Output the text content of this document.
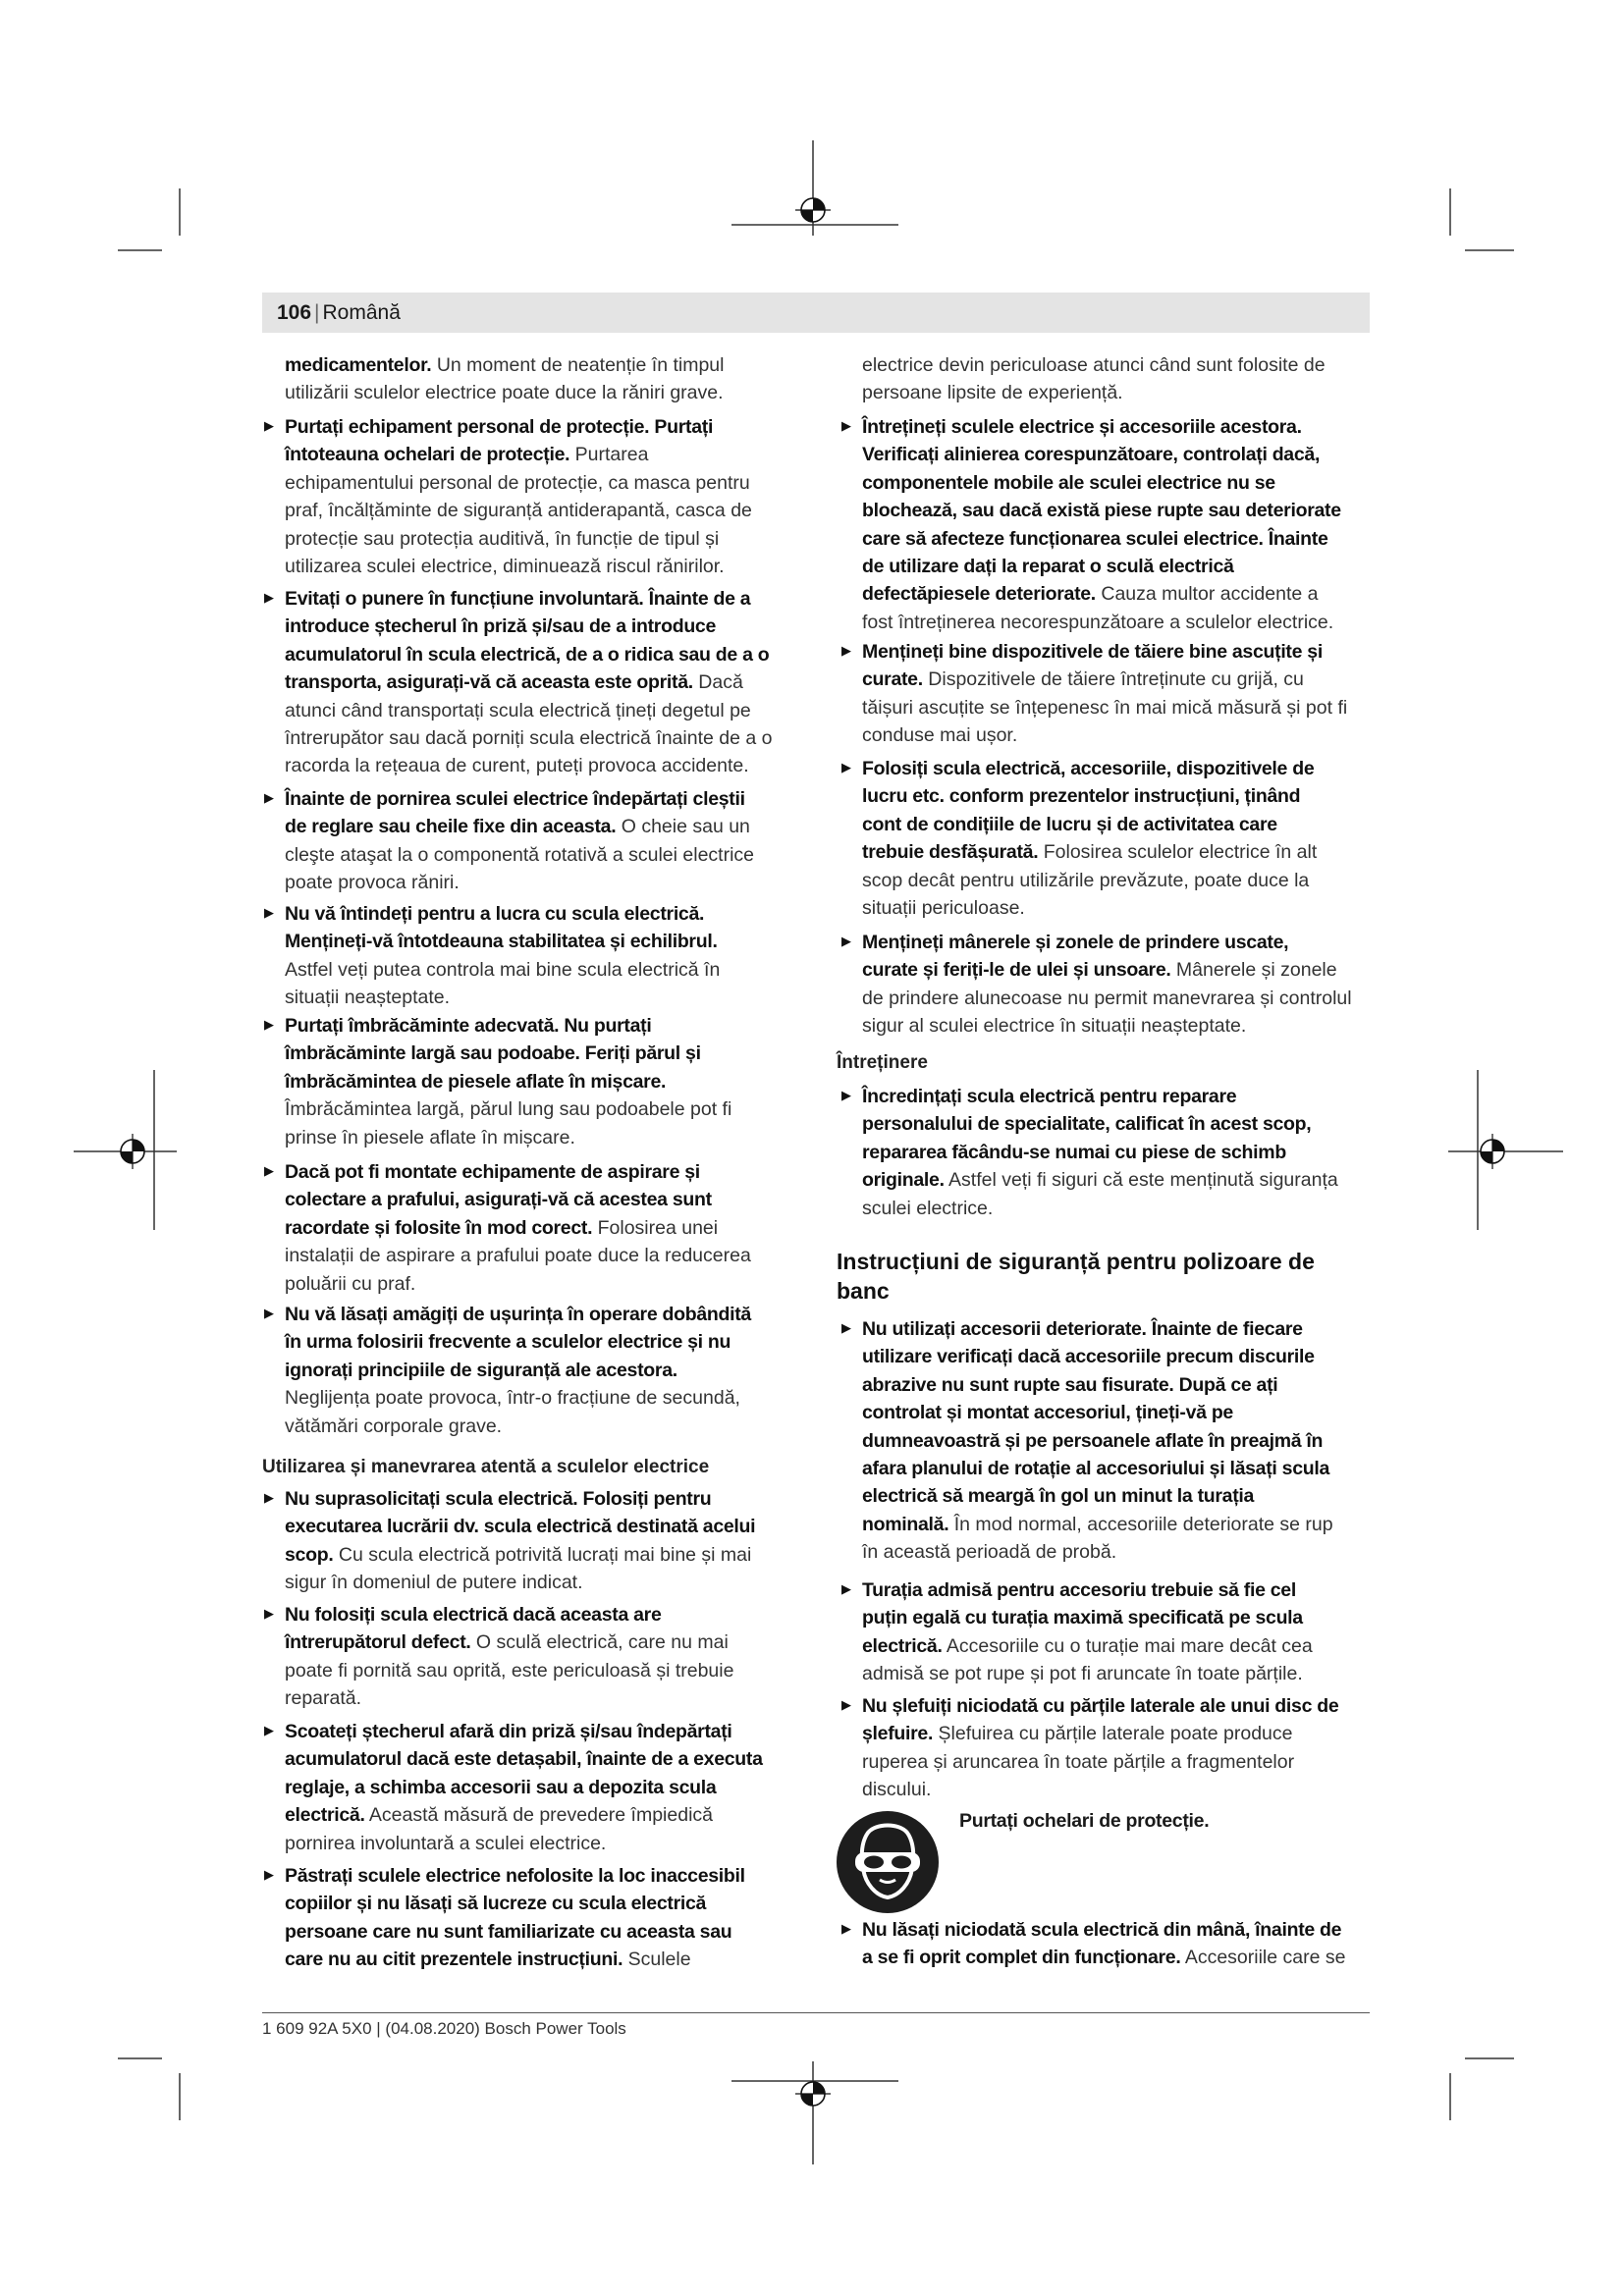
106 | Română
medicamentelor. Un moment de neatenție în timpul
utilizării sculelor electrice poate duce la răniri grave.
▶ Purtați echipament personal de protecție. Purtați
întoteauna ochelari de protecție. Purtarea
echipamentului personal de protecție, ca masca pentru
praf, încălțăminte de siguranță antiderapantă, casca de
protecție sau protecția auditivă, în funcție de tipul și
utilizarea sculei electrice, diminuează riscul rănirilor.
▶ Evitați o punere în funcțiune involuntară. Înainte de a
introduce ștecherul în priză și/sau de a introduce
acumulatorul în scula electrică, de a o ridica sau de a o
transporta, asigurați-vă că aceasta este oprită. Dacă
atunci când transportați scula electrică țineți degetul pe
întrerupător sau dacă porniți scula electrică înainte de a o
racorda la rețeaua de curent, puteți provoca accidente.
▶ Înainte de pornirea sculei electrice îndepărtați cleștii
de reglare sau cheile fixe din aceasta. O cheie sau un
cleşte ataşat la o componentă rotativă a sculei electrice
poate provoca răniri.
▶ Nu vă întindeți pentru a lucra cu scula electrică.
Mențineți-vă întotdeauna stabilitatea și echilibrul.
Astfel veți putea controla mai bine scula electrică în
situații neașteptate.
▶ Purtați îmbrăcăminte adecvată. Nu purtați
îmbrăcăminte largă sau podoabe. Feriți părul și
îmbrăcămintea de piesele aflate în mișcare.
Îmbrăcămintea largă, părul lung sau podoabele pot fi
prinse în piesele aflate în mișcare.
▶ Dacă pot fi montate echipamente de aspirare și
colectare a prafului, asigurați-vă că acestea sunt
racordate și folosite în mod corect. Folosirea unei
instalații de aspirare a prafului poate duce la reducerea
poluării cu praf.
▶ Nu vă lăsați amăgiți de ușurința în operare dobândită
în urma folosirii frecvente a sculelor electrice și nu
ignorați principiile de siguranță ale acestora.
Neglijența poate provoca, într-o fracțiune de secundă,
vătămări corporale grave.
Utilizarea și manevrarea atentă a sculelor electrice
▶ Nu suprasolicitați scula electrică. Folosiți pentru
executarea lucrării dv. scula electrică destinată acelui
scop. Cu scula electrică potrivită lucrați mai bine și mai
sigur în domeniul de putere indicat.
▶ Nu folosiți scula electrică dacă aceasta are
întrerupătorul defect. O sculă electrică, care nu mai
poate fi pornită sau oprită, este periculoasă și trebuie
reparată.
▶ Scoateți ștecherul afară din priză și/sau îndepărtați
acumulatorul dacă este detașabil, înainte de a executa
reglaje, a schimba accesorii sau a depozita scula
electrică. Această măsură de prevedere împiedică
pornirea involuntară a sculei electrice.
▶ Păstrați sculele electrice nefolosite la loc inaccesibil
copiilor și nu lăsați să lucreze cu scula electrică
persoane care nu sunt familiarizate cu aceasta sau
care nu au citit prezentele instrucțiuni. Sculele
electrice devin periculoase atunci când sunt folosite de
persoane lipsite de experiență.
▶ Întrețineți sculele electrice și accesoriile acestora.
Verificați alinierea corespunzătoare, controlați dacă,
componentele mobile ale sculei electrice nu se
blochează, sau dacă există piese rupte sau deteriorate
care să afecteze funcționarea sculei electrice. Înainte
de utilizare dați la reparat o sculă electrică
defectăpiesele deteriorate. Cauza multor accidente a
fost întreținerea necorespunzătoare a sculelor electrice.
▶ Mențineți bine dispozitivele de tăiere bine ascuțite și
curate. Dispozitivele de tăiere întreținute cu grijă, cu
tăișuri ascuțite se înțepenesc în mai mică măsură și pot fi
conduse mai ușor.
▶ Folosiți scula electrică, accesoriile, dispozitivele de
lucru etc. conform prezentelor instrucțiuni, ținând
cont de condițiile de lucru și de activitatea care
trebuie desfășurată. Folosirea sculelor electrice în alt
scop decât pentru utilizările prevăzute, poate duce la
situații periculoase.
▶ Mențineți mânerele și zonele de prindere uscate,
curate și feriți-le de ulei și unsoare. Mânerele și zonele
de prindere alunecoase nu permit manevrarea și controlul
sigur al sculei electrice în situații neașteptate.
Întreținere
▶ Încredințați scula electrică pentru reparare
personalului de specialitate, calificat în acest scop,
repararea făcându-se numai cu piese de schimb
originale. Astfel veți fi siguri că este menținută siguranța
sculei electrice.
Instrucțiuni de siguranță pentru polizoare de
banc
▶ Nu utilizați accesorii deteriorate. Înainte de fiecare
utilizare verificați dacă accesoriile precum discurile
abrazive nu sunt rupte sau fisurate. După ce ați
controlat și montat accesoriul, țineți-vă pe
dumneavoastră și pe persoanele aflate în preajmă în
afara planului de rotație al accesoriului și lăsați scula
electrică să meargă în gol un minut la turația
nominală. În mod normal, accesoriile deteriorate se rup
în această perioadă de probă.
▶ Turația admisă pentru accesoriu trebuie să fie cel
puțin egală cu turația maximă specificată pe scula
electrică. Accesoriile cu o turație mai mare decât cea
admisă se pot rupe și pot fi aruncate în toate părțile.
▶ Nu șlefuiți niciodată cu părțile laterale ale unui disc de
șlefuire. Șlefuirea cu părțile laterale poate produce
ruperea și aruncarea în toate părțile a fragmentelor
discului.
Purtați ochelari de protecție.
▶ Nu lăsați niciodată scula electrică din mână, înainte de
a se fi oprit complet din funcționare. Accesoriile care se
1 609 92A 5X0 | (04.08.2020) Bosch Power Tools
